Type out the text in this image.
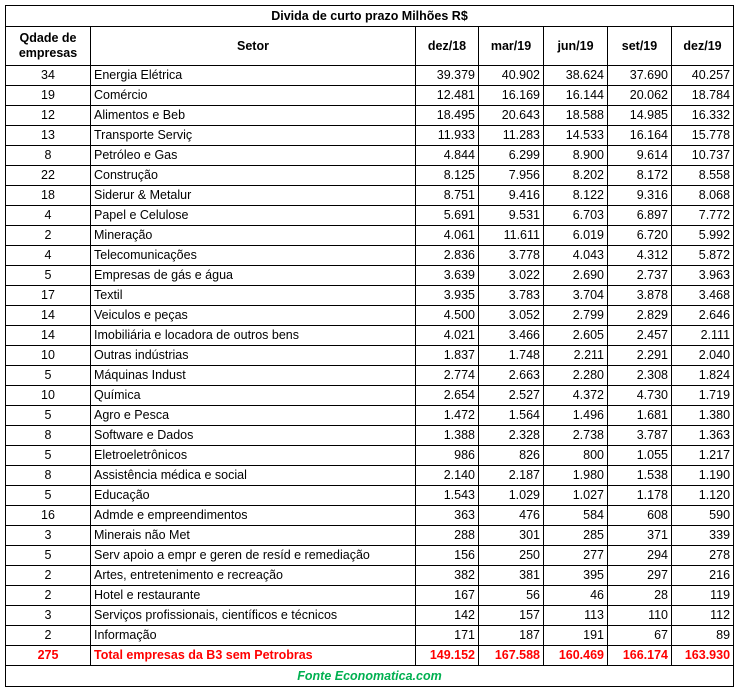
Divida de curto prazo Milhões R$						
Qdade de
empresas	Setor	dez/18	mar/19	jun/19	set/19	dez/19
34	Energia Elétrica	39.379	40.902	38.624	37.690	40.257
19	Comércio	12.481	16.169	16.144	20.062	18.784
12	Alimentos e Beb	18.495	20.643	18.588	14.985	16.332
13	Transporte Serviç	11.933	11.283	14.533	16.164	15.778
8	Petróleo e Gas	4.844	6.299	8.900	9.614	10.737
22	Construção	8.125	7.956	8.202	8.172	8.558
18	Siderur & Metalur	8.751	9.416	8.122	9.316	8.068
4	Papel e Celulose	5.691	9.531	6.703	6.897	7.772
2	Mineração	4.061	11.611	6.019	6.720	5.992
4	Telecomunicações	2.836	3.778	4.043	4.312	5.872
5	Empresas de gás e água	3.639	3.022	2.690	2.737	3.963
17	Textil	3.935	3.783	3.704	3.878	3.468
14	Veiculos e peças	4.500	3.052	2.799	2.829	2.646
14	Imobiliária e locadora de outros bens	4.021	3.466	2.605	2.457	2.111
10	Outras indústrias	1.837	1.748	2.211	2.291	2.040
5	Máquinas Indust	2.774	2.663	2.280	2.308	1.824
10	Química	2.654	2.527	4.372	4.730	1.719
5	Agro e Pesca	1.472	1.564	1.496	1.681	1.380
8	Software e Dados	1.388	2.328	2.738	3.787	1.363
5	Eletroeletrônicos	986	826	800	1.055	1.217
8	Assistência médica e social	2.140	2.187	1.980	1.538	1.190
5	Educação	1.543	1.029	1.027	1.178	1.120
16	Admde e empreendimentos	363	476	584	608	590
3	Minerais não Met	288	301	285	371	339
5	Serv apoio a empr e geren de resíd e remediação	156	250	277	294	278
2	Artes, entretenimento e recreação	382	381	395	297	216
2	Hotel e restaurante	167	56	46	28	119
3	Serviços profissionais, científicos e técnicos	142	157	113	110	112
2	Informação	171	187	191	67	89
275	Total empresas da B3 sem Petrobras	149.152	167.588	160.469	166.174	163.930
Fonte Economatica.com						
